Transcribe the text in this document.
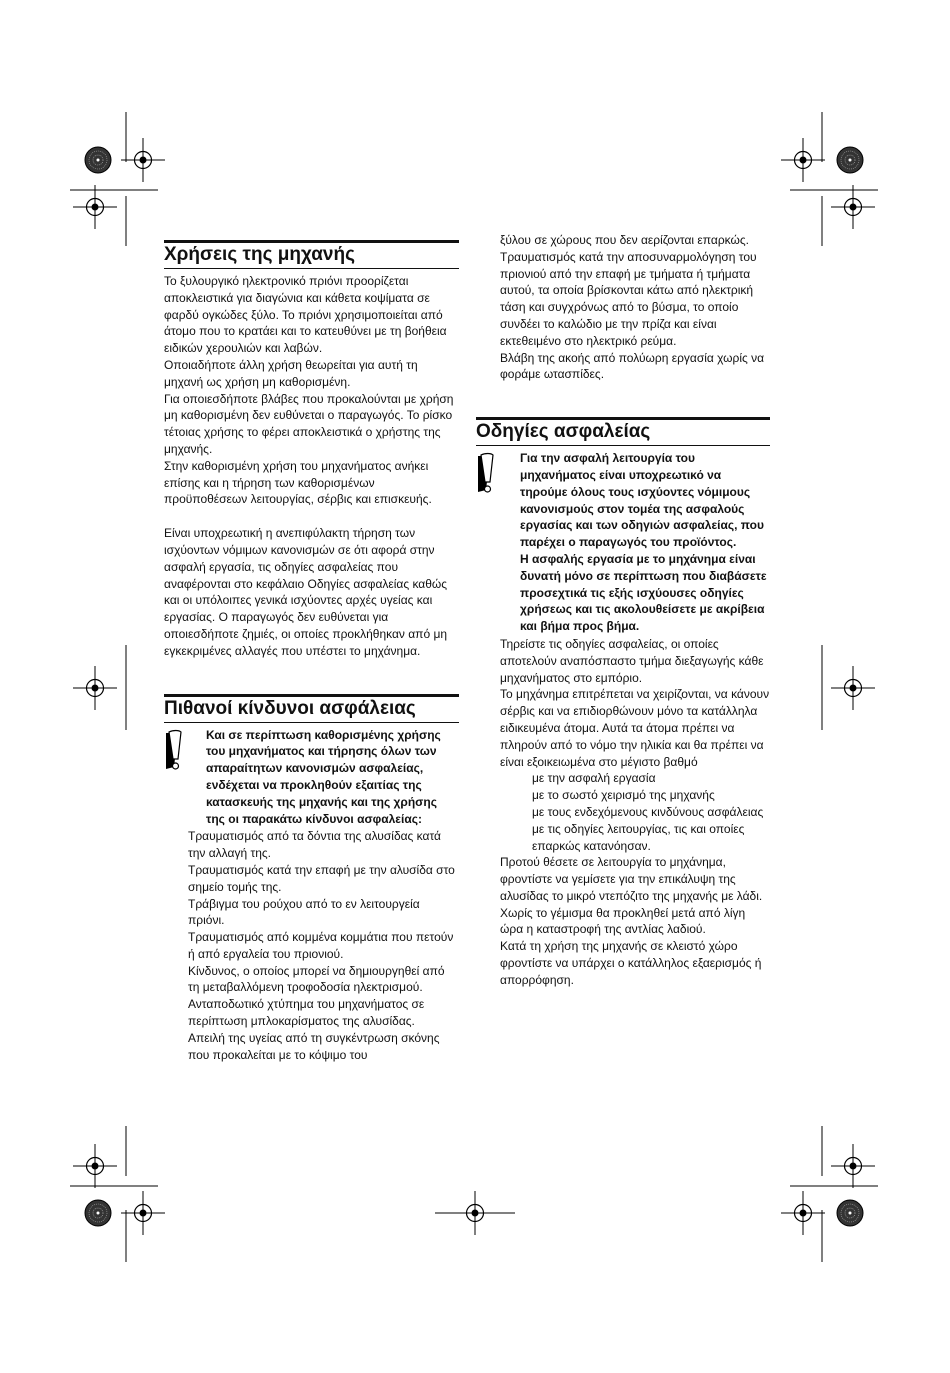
Χρήσεις της μηχανής

Το ξυλουργικό ηλεκτρονικό πριόνι προορίζεται αποκλειστικά για διαγώνια και κάθετα κοψίματα σε φαρδύ ογκώδες ξύλο. Το πριόνι χρησιμοποιείται από άτομο που το κρατάει και το κατευθύνει με τη βοήθεια ειδικών χερουλιών και λαβών.

Οποιαδήποτε άλλη χρήση θεωρείται για αυτή τη μηχανή ως χρήση μη καθορισμένη.

Για οποιεσδήποτε βλάβες που προκαλούνται με χρήση μη καθορισμένη δεν ευθύνεται ο παραγωγός. Το ρίσκο τέτοιας χρήσης το φέρει αποκλειστικά ο χρήστης της μηχανής.

Στην καθορισμένη χρήση του μηχανήματος ανήκει επίσης και η τήρηση των καθορισμένων προϋποθέσεων λειτουργίας, σέρβις και επισκευής.

Είναι υποχρεωτική η ανεπιφύλακτη τήρηση των ισχύοντων νόμιμων κανονισμών σε ότι αφορά στην ασφαλή εργασία, τις οδηγίες ασφαλείας που αναφέρονται στο κεφάλαιο Οδηγίες ασφαλείας καθώς και οι υπόλοιπες γενικά ισχύοντες αρχές υγείας και εργασίας. Ο παραγωγός δεν ευθύνεται για οποιεσδήποτε ζημιές, οι οποίες προκλήθηκαν από μη εγκεκριμένες αλλαγές που υπέστει το μηχάνημα.

Πιθανοί κίνδυνοι ασφάλειας
Και σε περίπτωση καθορισμένης χρήσης του μηχανήματος και τήρησης όλων των απαραίτητων κανονισμών ασφαλείας, ενδέχεται να προκληθούν εξαιτίας της κατασκευής της μηχανής και της χρήσης της οι παρακάτω κίνδυνοι ασφαλείας:

Τραυματισμός από τα δόντια της αλυσίδας κατά την αλλαγή της.

Τραυματισμός κατά την επαφή με την αλυσίδα στο σημείο τομής της.

Τράβιγμα του ρούχου από το εν λειτουργεία πριόνι.

Τραυματισμός από κομμένα κομμάτια που πετούν ή από εργαλεία του πριονιού.

Κίνδυνος, ο οποίος μπορεί να δημιουργηθεί από τη μεταβαλλόμενη τροφοδοσία ηλεκτρισμού.

Ανταποδωτικό χτύπημα του μηχανήματος σε περίπτωση μπλοκαρίσματος της αλυσίδας.

Απειλή της υγείας από τη συγκέντρωση σκόνης που προκαλείται με το κόψιμο του

ξύλου σε χώρους που δεν αερίζονται επαρκώς.

Τραυματισμός κατά την αποσυναρμολόγηση του πριονιού από την επαφή με τμήματα ή τμήματα αυτού, τα οποία βρίσκονται κάτω από ηλεκτρική τάση και συγχρόνως από το βύσμα, το οποίο συνδέει το καλώδιο με την πρίζα και είναι εκτεθειμένο στο ηλεκτρικό ρεύμα.

Βλάβη της ακοής από πολύωρη εργασία χωρίς να φοράμε ωτασπίδες.

Οδηγίες ασφαλείας

Για την ασφαλή λειτουργία του μηχανήματος είναι υποχρεωτικό να τηρούμε όλους τους ισχύοντες νόμιμους κανονισμούς στον τομέα της ασφαλούς εργασίας και των οδηγιών ασφαλείας, που παρέχει ο παραγωγός του προϊόντος.

Η ασφαλής εργασία με το μηχάνημα είναι δυνατή μόνο σε περίπτωση που διαβάσετε προσεχτικά τις εξής ισχύουσες οδηγίες χρήσεως και τις ακολουθείσετε με ακρίβεια και βήμα προς βήμα.

Τηρείστε τις οδηγίες ασφαλείας, οι οποίες αποτελούν αναπόσπαστο τμήμα διεξαγωγής κάθε μηχανήματος στο εμπόριο.

Το μηχάνημα επιτρέπεται να χειρίζονται, να κάνουν σέρβις και να επιδιορθώνουν μόνο τα κατάλληλα ειδικευμένα άτομα. Αυτά τα άτομα πρέπει να πληρούν από το νόμο την ηλικία και θα πρέπει να είναι εξοικειωμένα στο μέγιστο βαθμό

με την ασφαλή εργασία

με το σωστό χειρισμό της μηχανής

με τους ενδεχόμενους κινδύνους ασφάλειας

με τις οδηγίες λειτουργίας, τις και οποίες επαρκώς κατανόησαν.

Προτού θέσετε σε λειτουργία το μηχάνημα, φροντίστε να γεμίσετε για την επικάλυψη της αλυσίδας το μικρό ντεπόζιτο της μηχανής με λάδι. Χωρίς το γέμισμα θα προκληθεί μετά από λίγη ώρα η καταστροφή της αντλίας λαδιού.

Κατά τη χρήση της μηχανής σε κλειστό χώρο φροντίστε να υπάρχει ο κατάλληλος εξαερισμός ή απορρόφηση.
